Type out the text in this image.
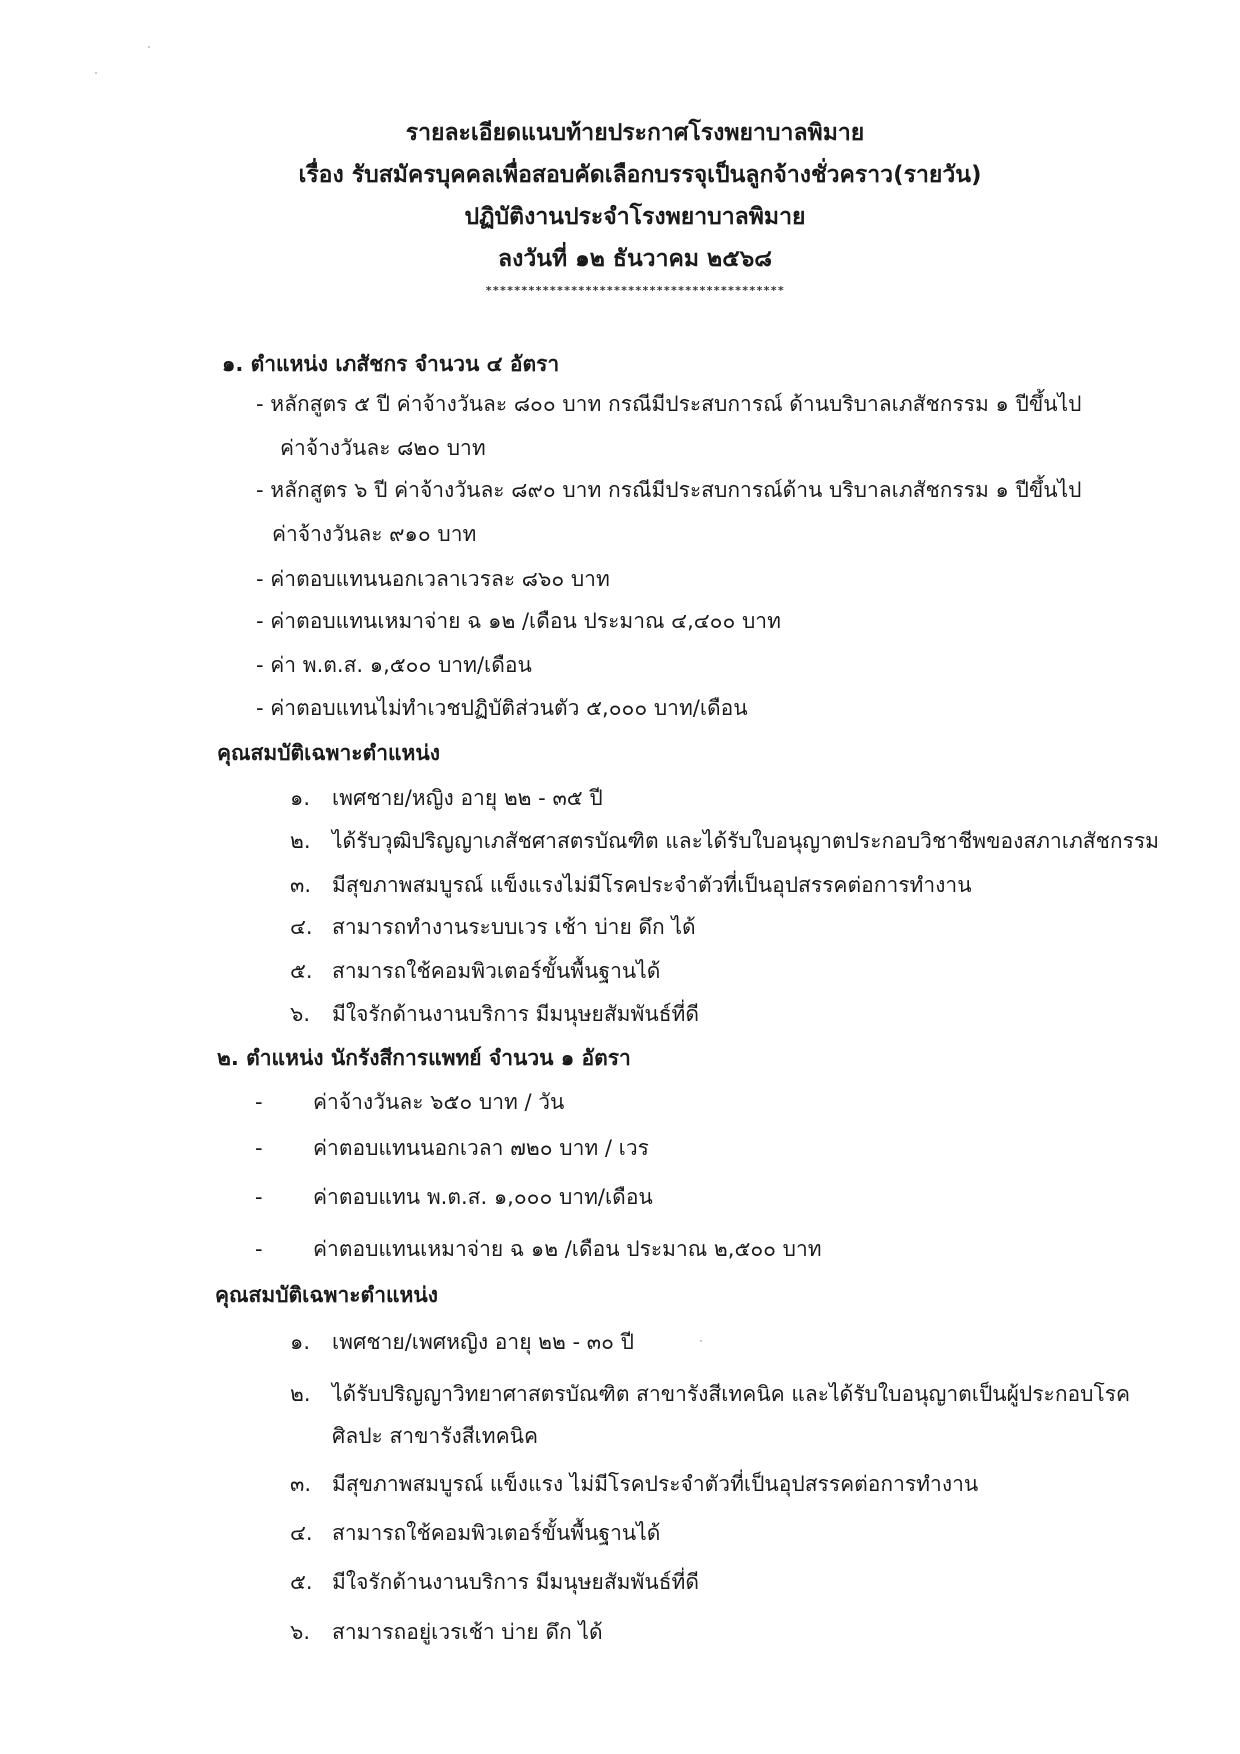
รายละเอียดแนบท้ายประกาศโรงพยาบาลพิมาย
เรื่อง รับสมัครบุคคลเพื่อสอบคัดเลือกบรรจุเป็นลูกจ้างชั่วคราว(รายวัน)
ปฏิบัติงานประจำโรงพยาบาลพิมาย
ลงวันที่ ๑๒ ธันวาคม ๒๕๖๘
******************************************
๑. ตำแหน่ง เภสัชกร จำนวน ๔ อัตรา
- หลักสูตร ๕ ปี ค่าจ้างวันละ ๘๐๐ บาท กรณีมีประสบการณ์ ด้านบริบาลเภสัชกรรม ๑ ปีขึ้นไป
ค่าจ้างวันละ ๘๒๐ บาท
- หลักสูตร ๖ ปี ค่าจ้างวันละ ๘๙๐ บาท กรณีมีประสบการณ์ด้าน บริบาลเภสัชกรรม ๑ ปีขึ้นไป
ค่าจ้างวันละ ๙๑๐ บาท
- ค่าตอบแทนนอกเวลาเวรละ ๘๖๐ บาท
- ค่าตอบแทนเหมาจ่าย ฉ ๑๒ /เดือน ประมาณ ๔,๔๐๐ บาท
- ค่า พ.ต.ส. ๑,๕๐๐ บาท/เดือน
- ค่าตอบแทนไม่ทำเวชปฏิบัติส่วนตัว ๕,๐๐๐ บาท/เดือน
คุณสมบัติเฉพาะตำแหน่ง
๑. เพศชาย/หญิง อายุ ๒๒ - ๓๕ ปี
๒. ได้รับวุฒิปริญญาเภสัชศาสตรบัณฑิต และได้รับใบอนุญาตประกอบวิชาชีพของสภาเภสัชกรรม
๓. มีสุขภาพสมบูรณ์ แข็งแรงไม่มีโรคประจำตัวที่เป็นอุปสรรคต่อการทำงาน
๔. สามารถทำงานระบบเวร เช้า บ่าย ดึก ได้
๕. สามารถใช้คอมพิวเตอร์ขั้นพื้นฐานได้
๖. มีใจรักด้านงานบริการ มีมนุษยสัมพันธ์ที่ดี
๒. ตำแหน่ง นักรังสีการแพทย์ จำนวน ๑ อัตรา
- ค่าจ้างวันละ ๖๕๐ บาท / วัน
- ค่าตอบแทนนอกเวลา ๗๒๐ บาท / เวร
- ค่าตอบแทน พ.ต.ส. ๑,๐๐๐ บาท/เดือน
- ค่าตอบแทนเหมาจ่าย ฉ ๑๒ /เดือน ประมาณ ๒,๕๐๐ บาท
คุณสมบัติเฉพาะตำแหน่ง
๑. เพศชาย/เพศหญิง อายุ ๒๒ - ๓๐ ปี
๒. ได้รับปริญญาวิทยาศาสตรบัณฑิต สาขารังสีเทคนิค และได้รับใบอนุญาตเป็นผู้ประกอบโรค
ศิลปะ สาขารังสีเทคนิค
๓. มีสุขภาพสมบูรณ์ แข็งแรง ไม่มีโรคประจำตัวที่เป็นอุปสรรคต่อการทำงาน
๔. สามารถใช้คอมพิวเตอร์ขั้นพื้นฐานได้
๕. มีใจรักด้านงานบริการ มีมนุษยสัมพันธ์ที่ดี
๖. สามารถอยู่เวรเช้า บ่าย ดึก ได้
